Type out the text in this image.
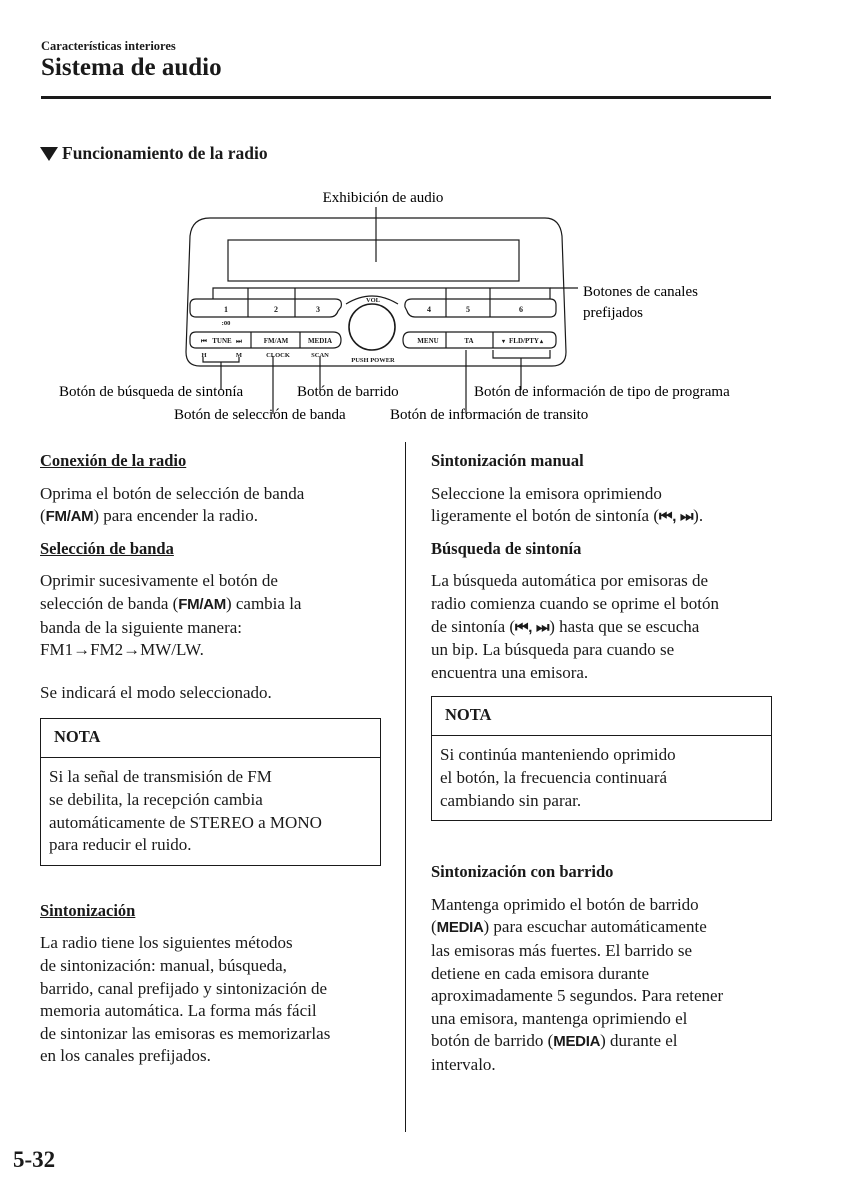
Características interiores
Sistema de audio
Funcionamiento de la radio
Exhibición de audio
Botones de canales
prefijados
Botón de búsqueda de sintonía	Botón de barrido	Botón de información de tipo de programa
Botón de selección de banda	Botón de información de transito
1	2	3	4	5	6
:00
VOL
TUNE
⏮	⏭
H	M
FM/AM	MEDIA
CLOCK	SCAN
PUSH POWER
MENU	TA	▾ FLD/PTY ▴

Conexión de la radio

Oprima el botón de selección de banda

(FM/AM) para encender la radio.

Selección de banda

Oprimir sucesivamente el botón de

selección de banda (FM/AM) cambia la

banda de la siguiente manera:

FM1→FM2→MW/LW.

Se indicará el modo seleccionado.

NOTA

Si la señal de transmisión de FM

se debilita, la recepción cambia

automáticamente de STEREO a MONO

para reducir el ruido.

Sintonización

La radio tiene los siguientes métodos

de sintonización: manual, búsqueda,

barrido, canal prefijado y sintonización de

memoria automática. La forma más fácil

de sintonizar las emisoras es memorizarlas

en los canales prefijados.

Sintonización manual

Seleccione la emisora oprimiendo

ligeramente el botón de sintonía (⏮, ⏭).

Búsqueda de sintonía

La búsqueda automática por emisoras de

radio comienza cuando se oprime el botón

de sintonía (⏮, ⏭) hasta que se escucha

un bip. La búsqueda para cuando se

encuentra una emisora.

NOTA

Si continúa manteniendo oprimido

el botón, la frecuencia continuará

cambiando sin parar.

Sintonización con barrido

Mantenga oprimido el botón de barrido

(MEDIA) para escuchar automáticamente

las emisoras más fuertes. El barrido se

detiene en cada emisora durante

aproximadamente 5 segundos. Para retener

una emisora, mantenga oprimiendo el

botón de barrido (MEDIA) durante el

intervalo.

5-32
